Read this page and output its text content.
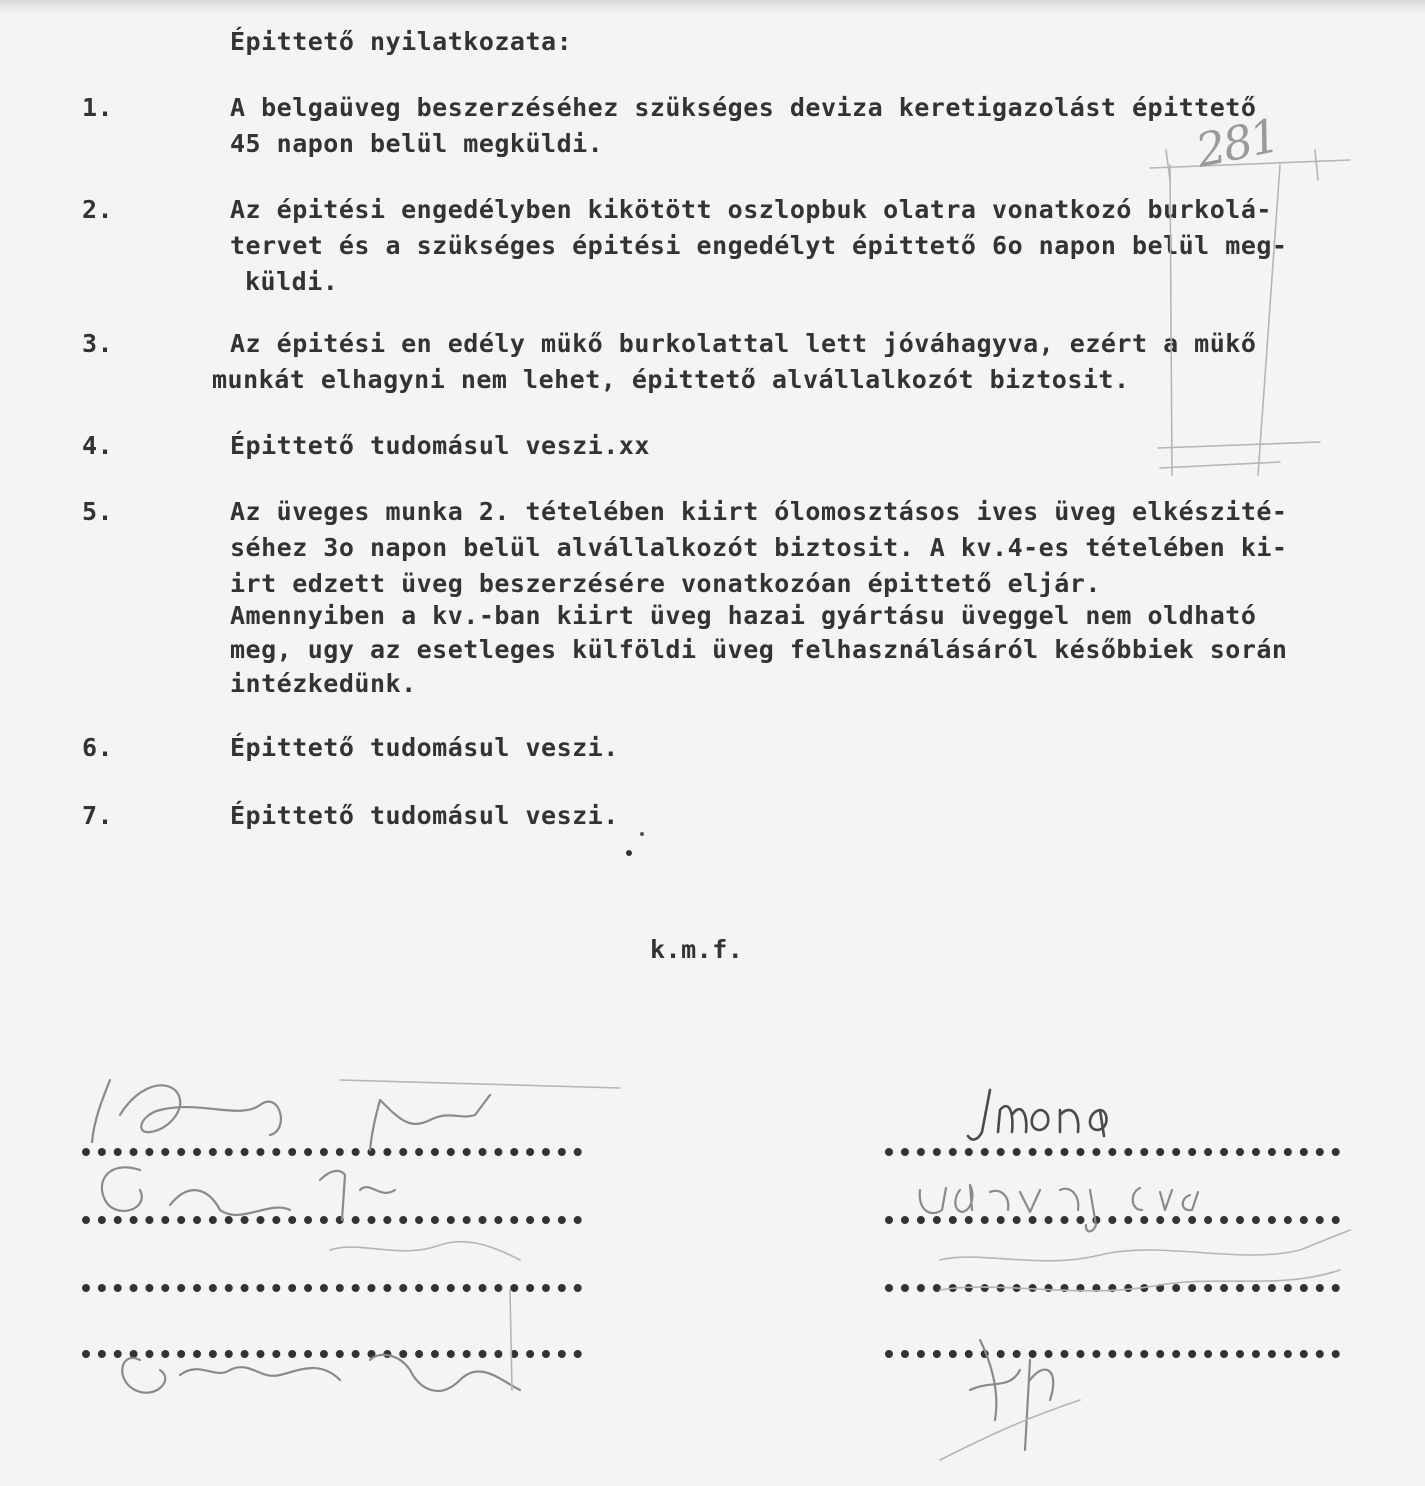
Épittető nyilatkozata:
1.	A belgaüveg beszerzéséhez szükséges deviza keretigazolást épittető
45 napon belül megküldi.
2.	Az épitési engedélyben kikötött oszlopbuk olatra vonatkozó burkolá-
tervet és a szükséges épitési engedélyt épittető 6o napon belül meg-
küldi.
3.	Az épitési en edély mükő burkolattal lett jóváhagyva, ezért a mükő
munkát elhagyni nem lehet, épittető alvállalkozót biztosit.
4.	Épittető tudomásul veszi.xx
5.	Az üveges munka 2. tételében kiirt ólomosztásos ives üveg elkészité-
séhez 3o napon belül alvállalkozót biztosit. A kv.4-es tételében ki-
irt edzett üveg beszerzésére vonatkozóan épittető eljár.
Amennyiben a kv.-ban kiirt üveg hazai gyártásu üveggel nem oldható
meg, ugy az esetleges külföldi üveg felhasználásáról későbbiek során
intézkedünk.
6.	Épittető tudomásul veszi.
7.	Épittető tudomásul veszi.
k.m.f.
281
